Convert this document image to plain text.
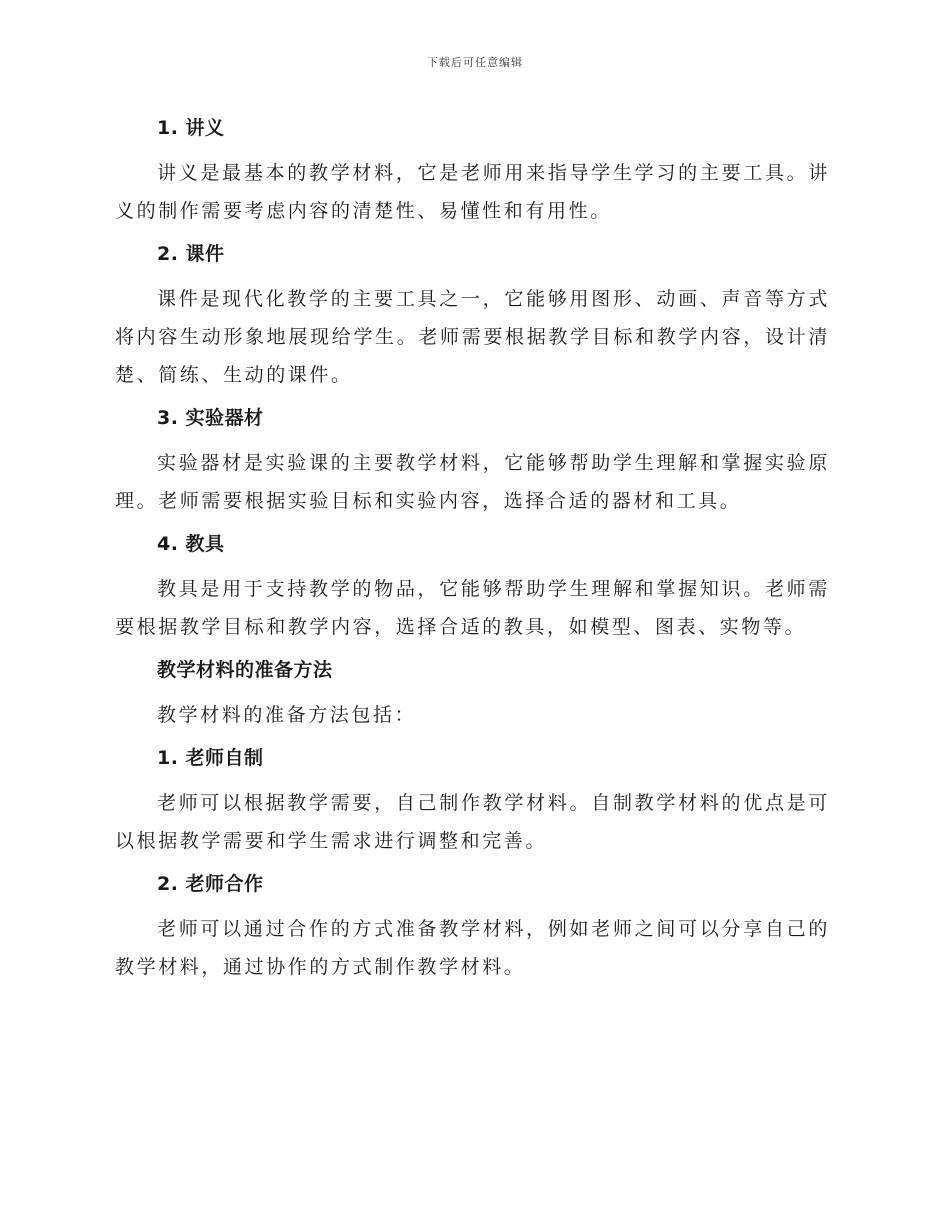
下载后可任意编辑
1. 讲义

讲义是最基本的教学材料，它是老师用来指导学生学习的主要工具。讲义的制作需要考虑内容的清楚性、易懂性和有用性。

2. 课件

课件是现代化教学的主要工具之一，它能够用图形、动画、声音等方式将内容生动形象地展现给学生。老师需要根据教学目标和教学内容，设计清楚、简练、生动的课件。

3. 实验器材

实验器材是实验课的主要教学材料，它能够帮助学生理解和掌握实验原理。老师需要根据实验目标和实验内容，选择合适的器材和工具。

4. 教具

教具是用于支持教学的物品，它能够帮助学生理解和掌握知识。老师需要根据教学目标和教学内容，选择合适的教具，如模型、图表、实物等。

教学材料的准备方法

教学材料的准备方法包括：

1. 老师自制

老师可以根据教学需要，自己制作教学材料。自制教学材料的优点是可以根据教学需要和学生需求进行调整和完善。

2. 老师合作

老师可以通过合作的方式准备教学材料，例如老师之间可以分享自己的教学材料，通过协作的方式制作教学材料。
